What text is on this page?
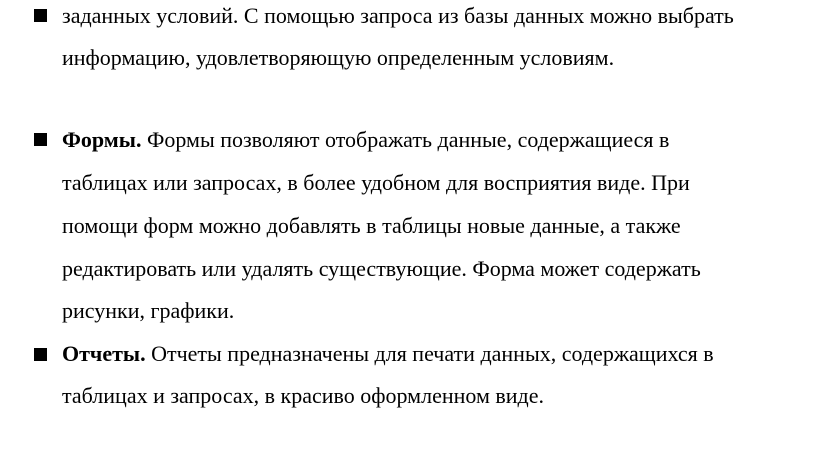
заданных условий. С помощью запроса из базы данных можно выбрать
информацию, удовлетворяющую определенным условиям.
Формы. Формы позволяют отображать данные, содержащиеся в
таблицах или запросах, в более удобном для восприятия виде. При
помощи форм можно добавлять в таблицы новые данные, а также
редактировать или удалять существующие. Форма может содержать
рисунки, графики.
Отчеты. Отчеты предназначены для печати данных, содержащихся в
таблицах и запросах, в красиво оформленном виде.
